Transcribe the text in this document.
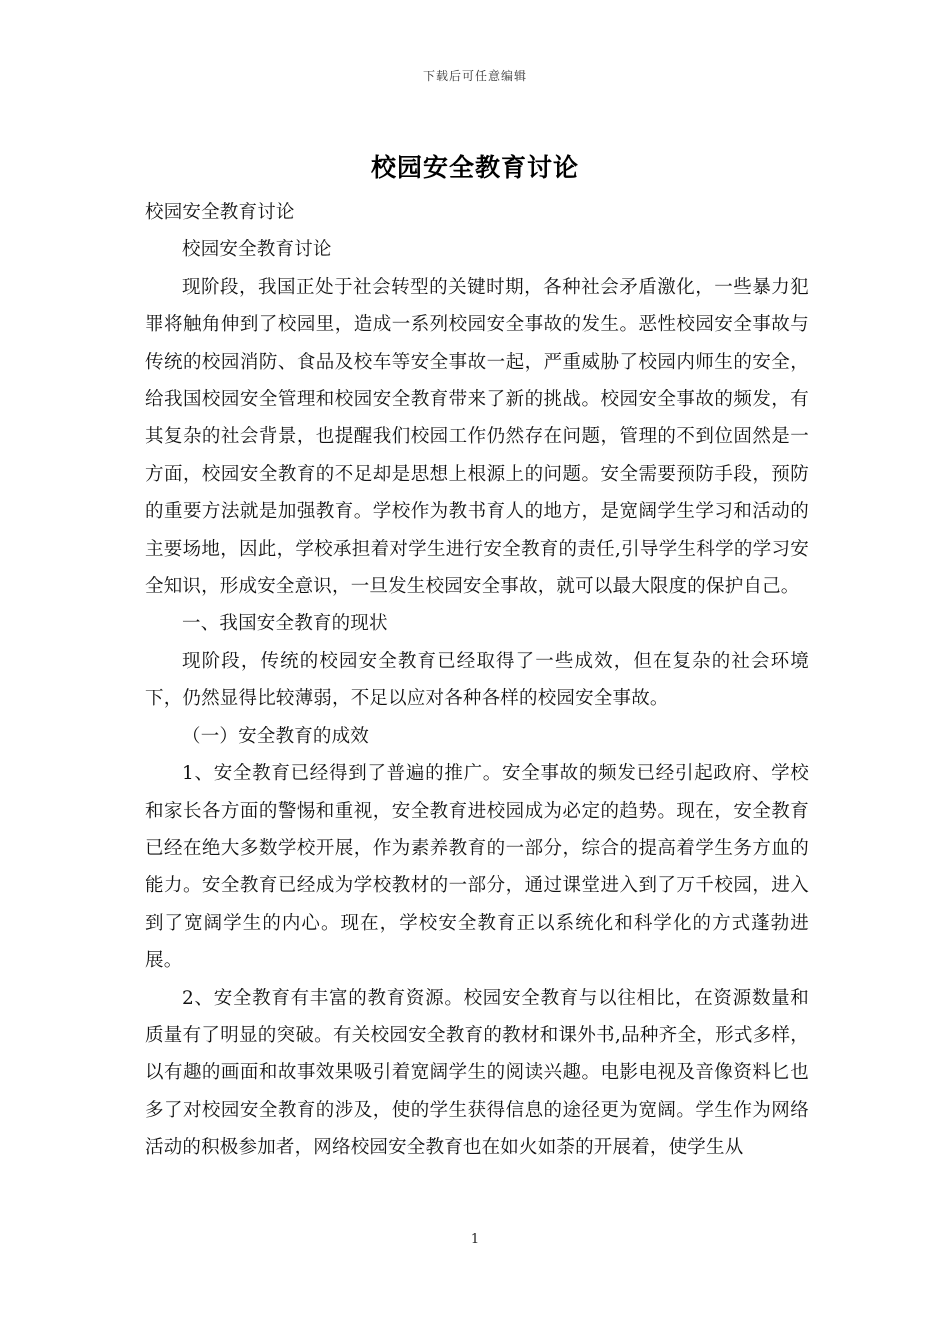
下载后可任意编辑
校园安全教育讨论

校园安全教育讨论

校园安全教育讨论

现阶段，我国正处于社会转型的关键时期，各种社会矛盾激化，一些暴力犯罪将触角伸到了校园里，造成一系列校园安全事故的发生。恶性校园安全事故与传统的校园消防、食品及校车等安全事故一起，严重威胁了校园内师生的安全，给我国校园安全管理和校园安全教育带来了新的挑战。校园安全事故的频发，有其复杂的社会背景，也提醒我们校园工作仍然存在问题，管理的不到位固然是一方面，校园安全教育的不足却是思想上根源上的问题。安全需要预防手段，预防的重要方法就是加强教育。学校作为教书育人的地方，是宽阔学生学习和活动的主要场地，因此，学校承担着对学生进行安全教育的责任,引导学生科学的学习安全知识，形成安全意识，一旦发生校园安全事故，就可以最大限度的保护自己。

一、我国安全教育的现状

现阶段，传统的校园安全教育已经取得了一些成效，但在复杂的社会环境下，仍然显得比较薄弱，不足以应对各种各样的校园安全事故。

（一）安全教育的成效

1、安全教育已经得到了普遍的推广。安全事故的频发已经引起政府、学校和家长各方面的警惕和重视，安全教育进校园成为必定的趋势。现在，安全教育已经在绝大多数学校开展，作为素养教育的一部分，综合的提高着学生务方血的能力。安全教育已经成为学校教材的一部分，通过课堂进入到了万千校园，进入到了宽阔学生的内心。现在，学校安全教育正以系统化和科学化的方式蓬勃进展。

2、安全教育有丰富的教育资源。校园安全教育与以往相比，在资源数量和质量有了明显的突破。有关校园安全教育的教材和课外书,品种齐全，形式多样，以有趣的画面和故事效果吸引着宽阔学生的阅读兴趣。电影电视及音像资料匕也多了对校园安全教育的涉及，使的学生获得信息的途径更为宽阔。学生作为网络活动的积极参加者，网络校园安全教育也在如火如荼的开展着，使学生从

1
